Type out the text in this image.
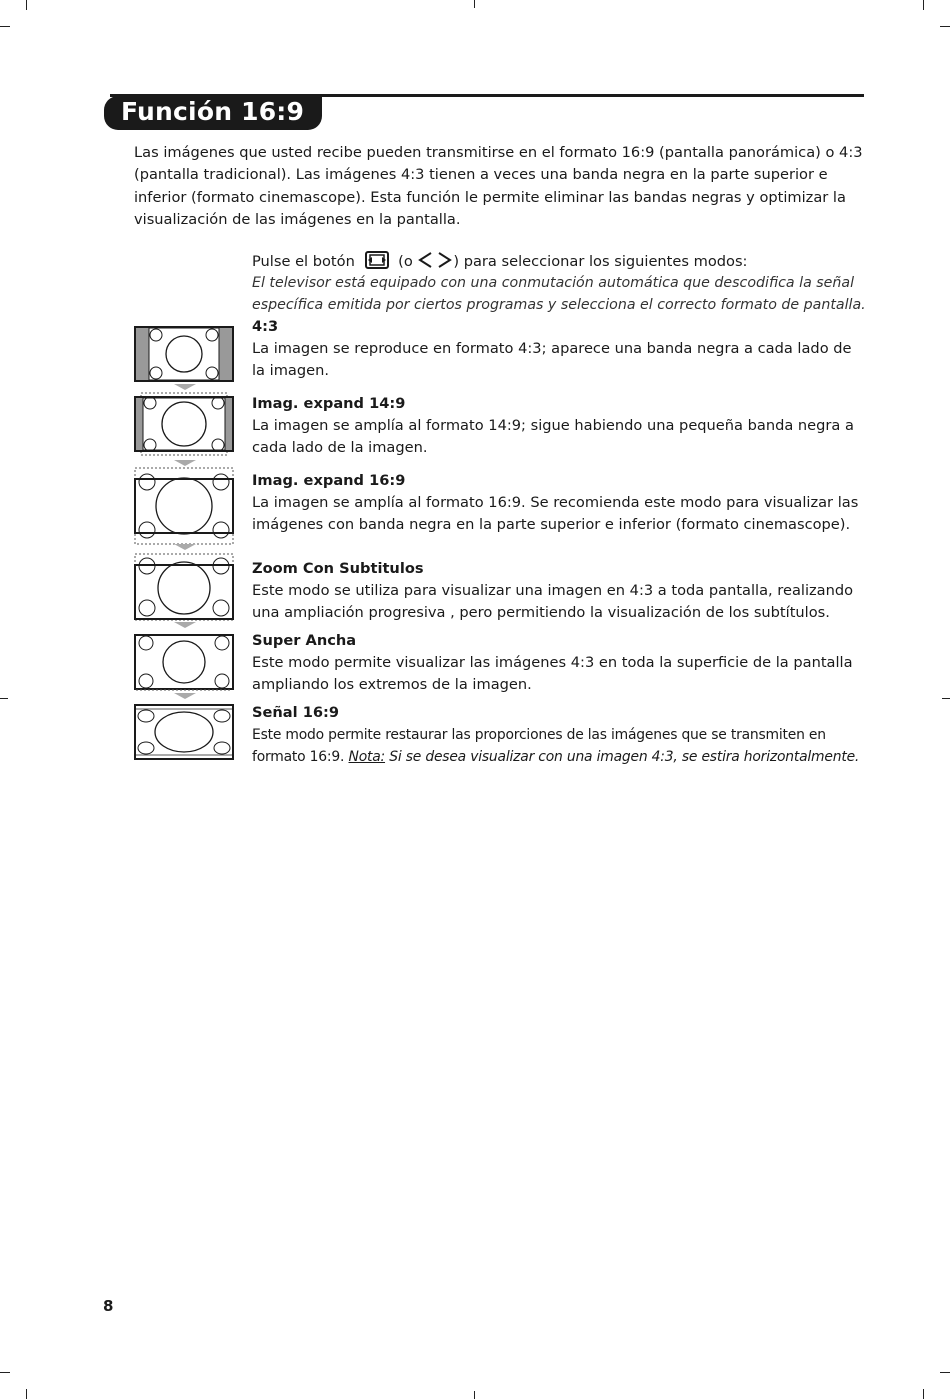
Función 16:9
Las imágenes que usted recibe pueden transmitirse en el formato 16:9 (pantalla panorámica) o 4:3 (pantalla tradicional). Las imágenes 4:3 tienen a veces una banda negra en la parte superior e inferior (formato cinemascope). Esta función le permite eliminar las bandas negras y optimizar la visualización de las imágenes en la pantalla.
Pulse el botón	(o	) para seleccionar los siguientes modos:
El televisor está equipado con una conmutación automática que descodifica la señal específica emitida por ciertos programas y selecciona el correcto formato de pantalla.
4:3

La imagen se reproduce en formato 4:3; aparece una banda negra a cada lado de la imagen.

Imag. expand 14:9

La imagen se amplía al formato 14:9; sigue habiendo una pequeña banda negra a cada lado de la imagen.

Imag. expand 16:9

La imagen se amplía al formato 16:9. Se recomienda este modo para visualizar las imágenes con banda negra en la parte superior e inferior (formato cinemascope).

Zoom Con Subtitulos

Este modo se utiliza para visualizar una imagen en 4:3 a toda pantalla, realizando una ampliación progresiva , pero permitiendo la visualización de los subtítulos.

Super Ancha

Este modo permite visualizar las imágenes 4:3 en toda la superficie de la pantalla ampliando los extremos de la imagen.

Señal 16:9

Este modo permite restaurar las proporciones de las imágenes que se transmiten en formato 16:9. Nota: Si se desea visualizar con una imagen 4:3, se estira horizontalmente.

8
